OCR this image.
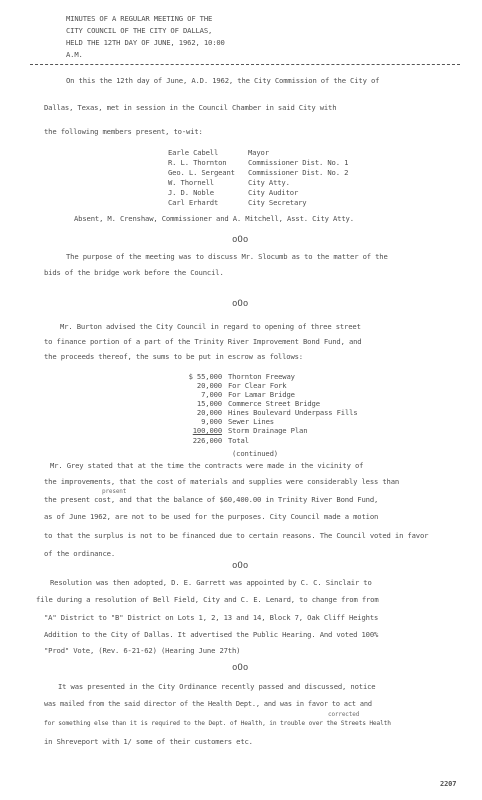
MINUTES OF A REGULAR MEETING OF THE
CITY COUNCIL OF THE CITY OF DALLAS,
HELD THE 12TH DAY OF JUNE, 1962, 10:00
A.M.
On this the 12th day of June, A.D. 1962, the City Commission of the City of
Dallas, Texas, met in session in the Council Chamber in said City with
the following members present, to-wit:
Earle Cabell	Mayor
R. L. Thornton	Commissioner Dist. No. 1
Geo. L. Sergeant Commissioner Dist. No. 2
W. Thornell	City Atty.
J. D. Noble	City Auditor
Carl Erhardt	City Secretary
Absent, M. Crenshaw, Commissioner and A. Mitchell, Asst. City Atty.
oOo
The purpose of the meeting was to discuss Mr. Slocumb as to the matter of the
bids of the bridge work before the Council.
oOo
Mr. Burton advised the City Council in regard to opening of three street
to finance portion of a part of the Trinity River Improvement Bond Fund, and
the proceeds thereof, the sums to be put in escrow as follows:
$ 55,000 Thornton Freeway
20,000 For Clear Fork
7,000 For Lamar Bridge
15,000 Commerce Street Bridge
20,000 Hines Boulevard Underpass Fills
9,000 Sewer Lines
100,000 Storm Drainage Plan
226,000 Total
(continued)
Mr. Grey stated that at the time the contracts were made in the vicinity of
the improvements, that the cost of materials and supplies were considerably less than
present
the present cost, and that the balance of $60,400.00 in Trinity River Bond Fund,
as of June 1962, are not to be used for the purposes. City Council made a motion
to that the surplus is not to be financed due to certain reasons. The Council voted in favor
of the ordinance.
oOo
Resolution was then adopted, D. E. Garrett was appointed by C. C. Sinclair to
file during a resolution of Bell Field, City and C. E. Lenard, to change from from
"A" District to "B" District on Lots 1, 2, 13 and 14, Block 7, Oak Cliff Heights
Addition to the City of Dallas. It advertised the Public Hearing. And voted 100%
"Prod" Vote, (Rev. 6-21-62) (Hearing June 27th)
oOo
It was presented in the City Ordinance recently passed and discussed, notice
was mailed from the said director of the Health Dept., and was in favor to act and
corrected
for something else than it is required to the Dept. of Health, in trouble over the Streets Health
in Shreveport with 1/ some of their customers etc.
2207
